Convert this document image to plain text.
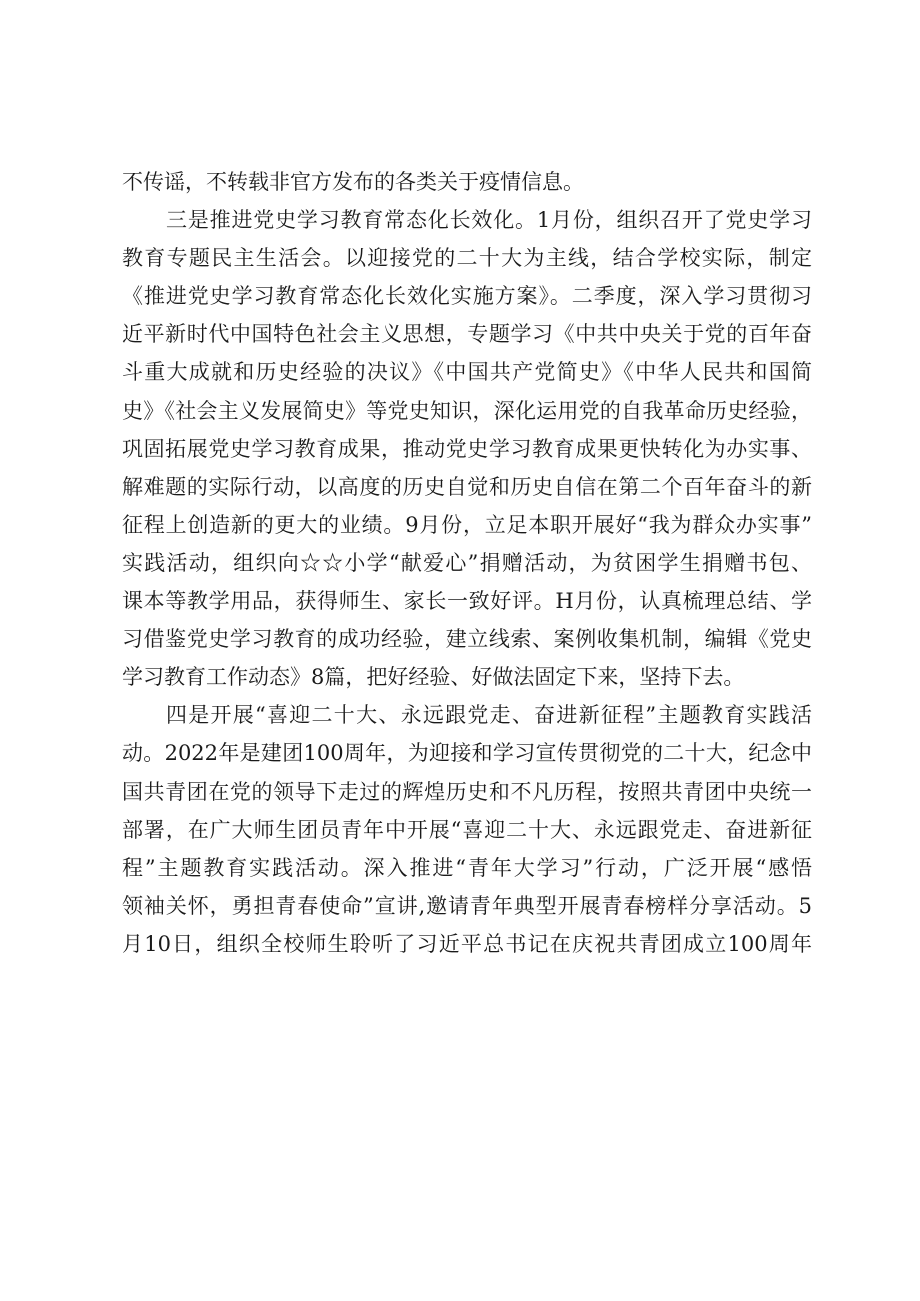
不传谣，不转载非官方发布的各类关于疫情信息。
三是推进党史学习教育常态化长效化。1月份，组织召开了党史学习
教育专题民主生活会。以迎接党的二十大为主线，结合学校实际，制定
《推进党史学习教育常态化长效化实施方案》。二季度，深入学习贯彻习
近平新时代中国特色社会主义思想，专题学习《中共中央关于党的百年奋
斗重大成就和历史经验的决议》《中国共产党简史》《中华人民共和国简
史》《社会主义发展简史》等党史知识，深化运用党的自我革命历史经验，
巩固拓展党史学习教育成果，推动党史学习教育成果更快转化为办实事、
解难题的实际行动，以高度的历史自觉和历史自信在第二个百年奋斗的新
征程上创造新的更大的业绩。9月份，立足本职开展好“我为群众办实事”
实践活动，组织向☆☆小学“献爱心”捐赠活动，为贫困学生捐赠书包、
课本等教学用品，获得师生、家长一致好评。H月份，认真梳理总结、学
习借鉴党史学习教育的成功经验，建立线索、案例收集机制，编辑《党史
学习教育工作动态》8篇，把好经验、好做法固定下来，坚持下去。
四是开展“喜迎二十大、永远跟党走、奋进新征程”主题教育实践活
动。2022年是建团100周年，为迎接和学习宣传贯彻党的二十大，纪念中
国共青团在党的领导下走过的辉煌历史和不凡历程，按照共青团中央统一
部署，在广大师生团员青年中开展“喜迎二十大、永远跟党走、奋进新征
程”主题教育实践活动。深入推进“青年大学习”行动，广泛开展“感悟
领袖关怀，勇担青春使命”宣讲,邀请青年典型开展青春榜样分享活动。5
月10日，组织全校师生聆听了习近平总书记在庆祝共青团成立100周年
